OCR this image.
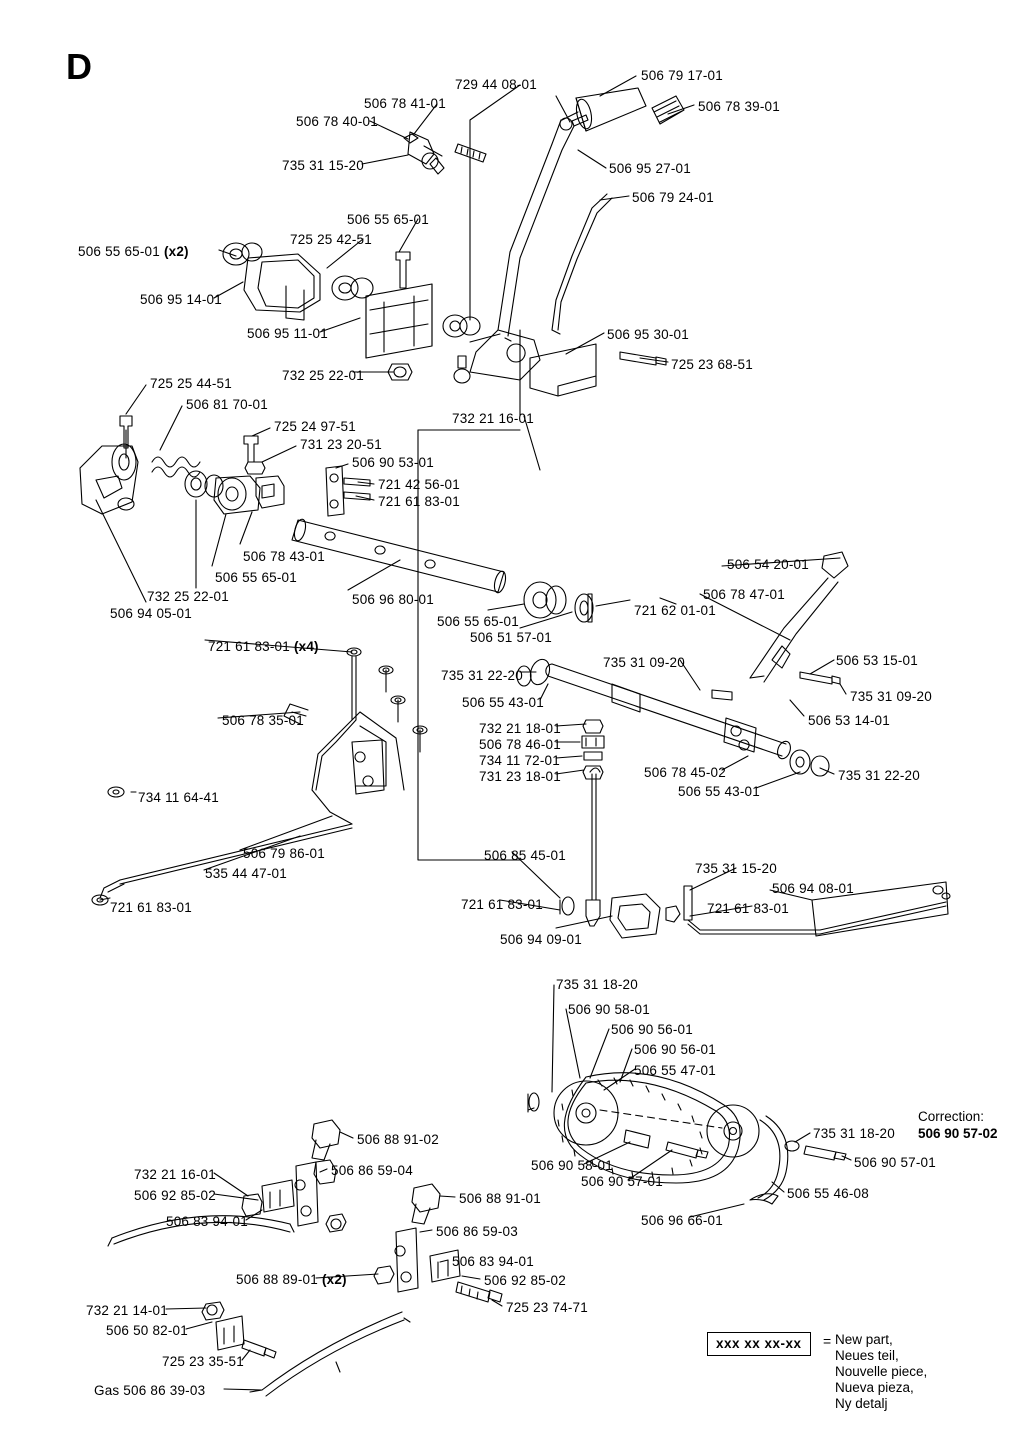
D	506 79 17-01
729 44 08-01
506 78 39-01
506 78 41-01
506 78 40-01
735 31 15-20	506 95 27-01
506 79 24-01
506 55 65-01
725 25 42-51
506 55 65-01 (x2)
506 95 14-01
506 95 11-01	506 95 30-01
725 23 68-51
732 25 22-01
732 21 16-01
725 25 44-51
506 81 70-01
725 24 97-51
731 23 20-51
506 90 53-01
721 42 56-01
721 61 83-01
506 78 43-01
506 55 65-01
732 25 22-01	506 96 80-01
506 94 05-01
506 55 65-01
506 51 57-01
721 62 01-01
506 54 20-01
506 78 47-01
506 53 15-01
735 31 09-20
506 53 14-01
735 31 09-20
735 31 22-20
506 55 43-01
721 61 83-01 (x4)
506 78 35-01
732 21 18-01
506 78 46-01
734 11 72-01
731 23 18-01	506 78 45-02
506 55 43-01
735 31 22-20
734 11 64-41
506 79 86-01
535 44 47-01
721 61 83-01
506 85 45-01
735 31 15-20
506 94 08-01
721 61 83-01	721 61 83-01
506 94 09-01
735 31 18-20
506 90 58-01
506 90 56-01
506 90 56-01
506 55 47-01
735 31 18-20
506 90 57-01
506 90 58-01
506 90 57-01
506 55 46-08
506 96 66-01
506 88 91-02
506 86 59-04
732 21 16-01
506 92 85-02	506 88 91-01
506 83 94-01
506 86 59-03
506 83 94-01
506 88 89-01 (x2)	506 92 85-02
725 23 74-71
732 21 14-01
506 50 82-01
725 23 35-51
Gas 506 86 39-03
Correction:
506 90 57-02
xxx xx xx-xx = New part,
Neues teil,
Nouvelle piece,
Nueva pieza,
Ny detalj
